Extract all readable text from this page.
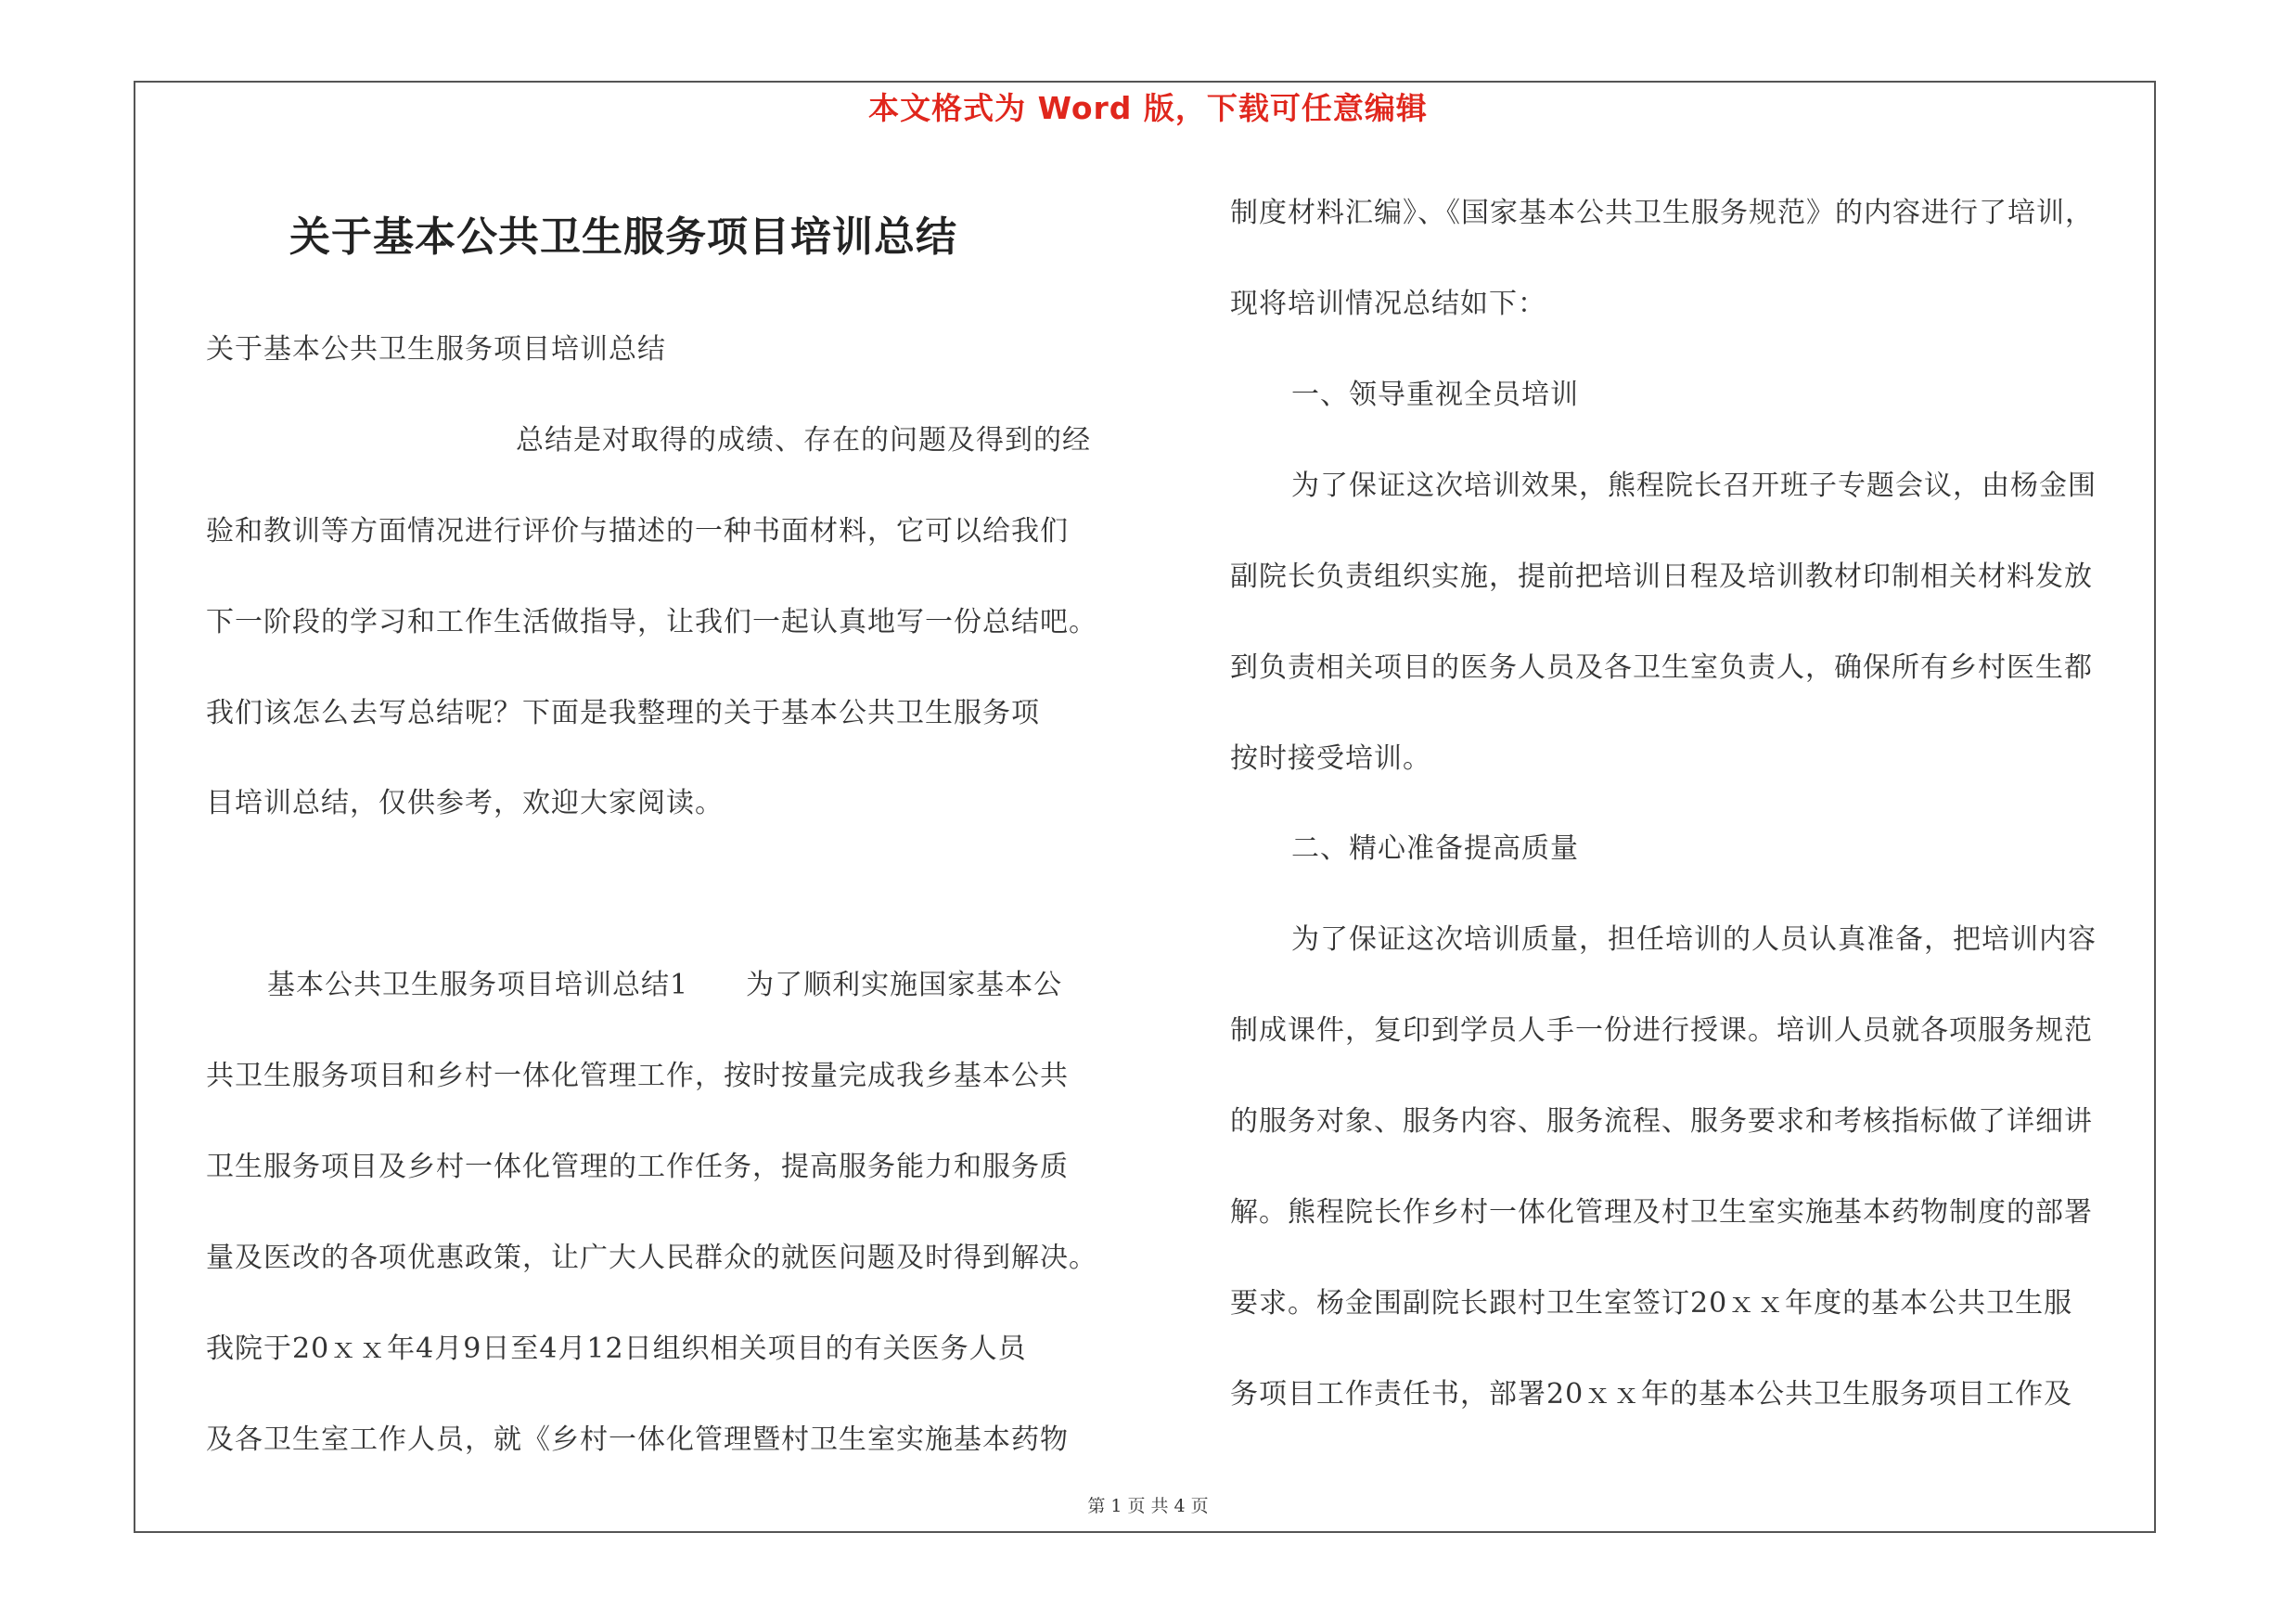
本文格式为 Word 版，下载可任意编辑
关于基本公共卫生服务项目培训总结
关于基本公共卫生服务项目培训总结
总结是对取得的成绩、存在的问题及得到的经
验和教训等方面情况进行评价与描述的一种书面材料，它可以给我们
下一阶段的学习和工作生活做指导，让我们一起认真地写一份总结吧。
我们该怎么去写总结呢？下面是我整理的关于基本公共卫生服务项
目培训总结，仅供参考，欢迎大家阅读。
基本公共卫生服务项目培训总结1　　为了顺利实施国家基本公
共卫生服务项目和乡村一体化管理工作，按时按量完成我乡基本公共
卫生服务项目及乡村一体化管理的工作任务，提高服务能力和服务质
量及医改的各项优惠政策，让广大人民群众的就医问题及时得到解决。
我院于20ｘｘ年4月9日至4月12日组织相关项目的有关医务人员
及各卫生室工作人员，就《乡村一体化管理暨村卫生室实施基本药物
制度材料汇编》、《国家基本公共卫生服务规范》的内容进行了培训，
现将培训情况总结如下：
一、领导重视全员培训
为了保证这次培训效果，熊程院长召开班子专题会议，由杨金围
副院长负责组织实施，提前把培训日程及培训教材印制相关材料发放
到负责相关项目的医务人员及各卫生室负责人，确保所有乡村医生都
按时接受培训。
二、精心准备提高质量
为了保证这次培训质量，担任培训的人员认真准备，把培训内容
制成课件，复印到学员人手一份进行授课。培训人员就各项服务规范
的服务对象、服务内容、服务流程、服务要求和考核指标做了详细讲
解。熊程院长作乡村一体化管理及村卫生室实施基本药物制度的部署
要求。杨金围副院长跟村卫生室签订20ｘｘ年度的基本公共卫生服
务项目工作责任书，部署20ｘｘ年的基本公共卫生服务项目工作及
第 1 页 共 4 页
